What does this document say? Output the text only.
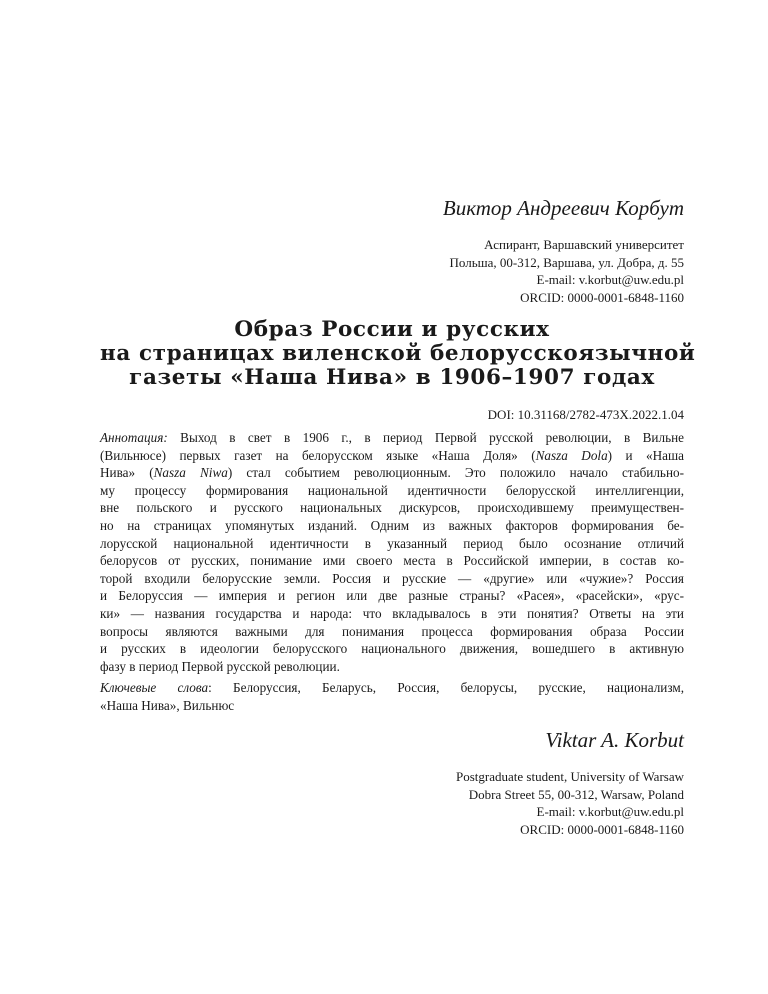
Виктор Андреевич Корбут
Аспирант, Варшавский университет
Польша, 00-312, Варшава, ул. Добра, д. 55
E-mail: v.korbut@uw.edu.pl
ORCID: 0000-0001-6848-1160
Образ России и русских
на страницах виленской белорусскоязычной
газеты «Наша Нива» в 1906–1907 годах
DOI: 10.31168/2782-473X.2022.1.04
Аннотация: Выход в свет в 1906 г., в период Первой русской революции, в Вильне
(Вильнюсе) первых газет на белорусском языке «Наша Доля» (Nasza Dola) и «Наша
Нива» (Nasza Niwa) стал событием революционным. Это положило начало стабильно-
му процессу формирования национальной идентичности белорусской интеллигенции,
вне польского и русского национальных дискурсов, происходившему преимуществен-
но на страницах упомянутых изданий. Одним из важных факторов формирования бе-
лорусской национальной идентичности в указанный период было осознание отличий
белорусов от русских, понимание ими своего места в Российской империи, в состав ко-
торой входили белорусские земли. Россия и русские — «другие» или «чужие»? Россия
и Белоруссия — империя и регион или две разные страны? «Расея», «расейски», «рус-
ки» — названия государства и народа: что вкладывалось в эти понятия? Ответы на эти
вопросы являются важными для понимания процесса формирования образа России
и русских в идеологии белорусского национального движения, вошедшего в активную
фазу в период Первой русской революции.
Ключевые слова: Белоруссия, Беларусь, Россия, белорусы, русские, национализм,
«Наша Нива», Вильнюс
Viktar A. Korbut
Postgraduate student, University of Warsaw
Dobra Street 55, 00-312, Warsaw, Poland
E-mail: v.korbut@uw.edu.pl
ORCID: 0000-0001-6848-1160
